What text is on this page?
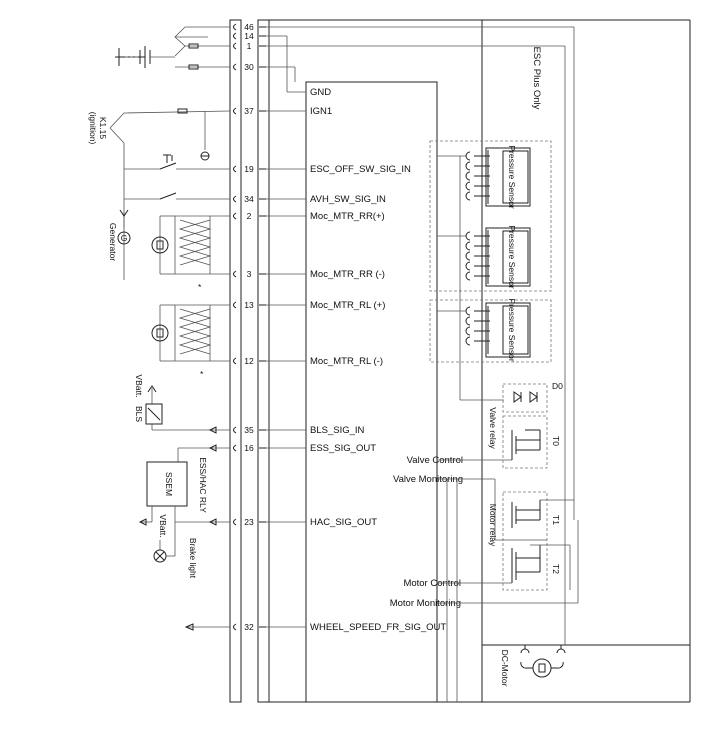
46
14
1
30
GND
37	IGN1
19	ESC_OFF_SW_SIG_IN
34	AVH_SW_SIG_IN
2	Moc_MTR_RR(+)
3	Moc_MTR_RR (-)
13	Moc_MTR_RL (+)
12	Moc_MTR_RL (-)
35	BLS_SIG_IN
16	ESS_SIG_OUT
23	HAC_SIG_OUT
32	WHEEL_SPEED_FR_SIG_OUT
Valve Control
Valve Monitoring
Motor Control
Motor Monitoring
ESC Plus Only
Pressure Sensor
Pressure Sensor
Pressure Sensor
D0
Valve relay	T0
Motor relay	T1
T2
DC-Motor
K1.15
(ignition)
G
Generator
*
*
VBatt.
BLS
ESS/HAC RLY
SSEM
VBatt.
Brake light
